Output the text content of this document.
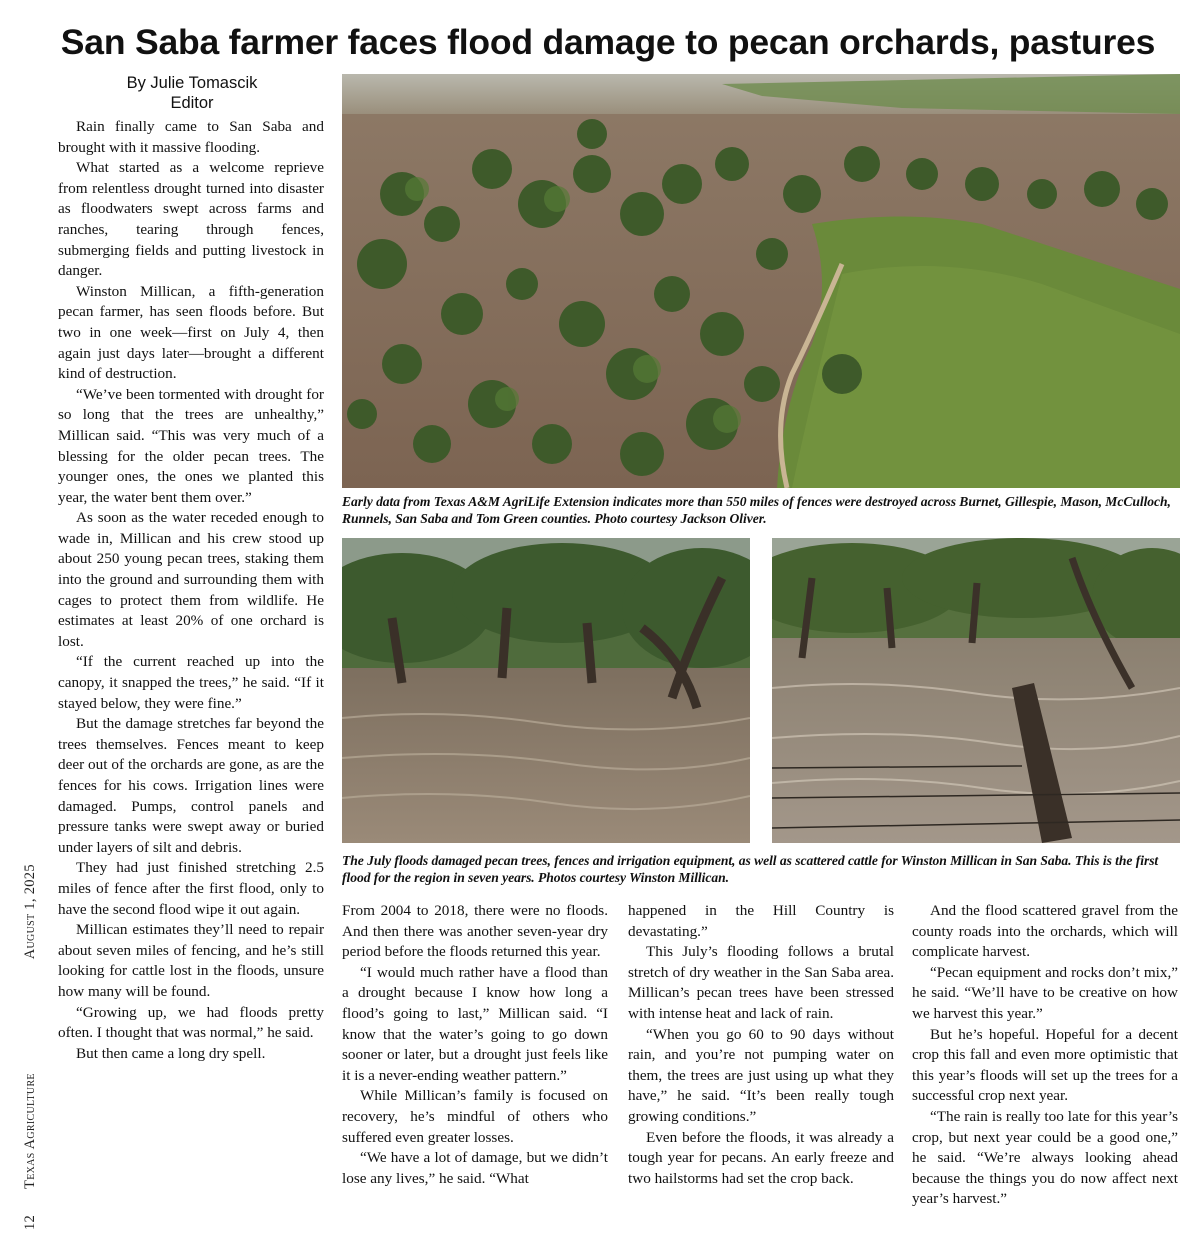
San Saba farmer faces flood damage to pecan orchards, pastures
12 Texas Agriculture August 1, 2025
By Julie Tomascik
Editor

Rain finally came to San Saba and brought with it massive flooding.

What started as a welcome reprieve from relentless drought turned into disaster as floodwaters swept across farms and ranches, tearing through fences, submerging fields and putting livestock in danger.

Winston Millican, a fifth-generation pecan farmer, has seen floods before. But two in one week—first on July 4, then again just days later—brought a different kind of destruction.

“We’ve been tormented with drought for so long that the trees are unhealthy,” Millican said. “This was very much of a blessing for the older pecan trees. The younger ones, the ones we planted this year, the water bent them over.”

As soon as the water receded enough to wade in, Millican and his crew stood up about 250 young pecan trees, staking them into the ground and surrounding them with cages to protect them from wildlife. He estimates at least 20% of one orchard is lost.

“If the current reached up into the canopy, it snapped the trees,” he said. “If it stayed below, they were fine.”

But the damage stretches far beyond the trees themselves. Fences meant to keep deer out of the orchards are gone, as are the fences for his cows. Irrigation lines were damaged. Pumps, control panels and pressure tanks were swept away or buried under layers of silt and debris.

They had just finished stretching 2.5 miles of fence after the first flood, only to have the second flood wipe it out again.

Millican estimates they’ll need to repair about seven miles of fencing, and he’s still looking for cattle lost in the floods, unsure how many will be found.

“Growing up, we had floods pretty often. I thought that was normal,” he said.

But then came a long dry spell.

Early data from Texas A&M AgriLife Extension indicates more than 550 miles of fences were destroyed across Burnet, Gillespie, Mason, McCulloch, Runnels, San Saba and Tom Green counties. Photo courtesy Jackson Oliver.
The July floods damaged pecan trees, fences and irrigation equipment, as well as scattered cattle for Winston Millican in San Saba. This is the first flood for the region in seven years. Photos courtesy Winston Millican.

From 2004 to 2018, there were no floods. And then there was another seven-year dry period before the floods returned this year.

“I would much rather have a flood than a drought because I know how long a flood’s going to last,” Millican said. “I know that the water’s going to go down sooner or later, but a drought just feels like it is a never-ending weather pattern.”

While Millican’s family is focused on recovery, he’s mindful of others who suffered even greater losses.

“We have a lot of damage, but we didn’t lose any lives,” he said. “What

happened in the Hill Country is devastating.”

This July’s flooding follows a brutal stretch of dry weather in the San Saba area. Millican’s pecan trees have been stressed with intense heat and lack of rain.

“When you go 60 to 90 days without rain, and you’re not pumping water on them, the trees are just using up what they have,” he said. “It’s been really tough growing conditions.”

Even before the floods, it was already a tough year for pecans. An early freeze and two hailstorms had set the crop back.

And the flood scattered gravel from the county roads into the orchards, which will complicate harvest.

“Pecan equipment and rocks don’t mix,” he said. “We’ll have to be creative on how we harvest this year.”

But he’s hopeful. Hopeful for a decent crop this fall and even more optimistic that this year’s floods will set up the trees for a successful crop next year.

“The rain is really too late for this year’s crop, but next year could be a good one,” he said. “We’re always looking ahead because the things you do now affect next year’s harvest.”
